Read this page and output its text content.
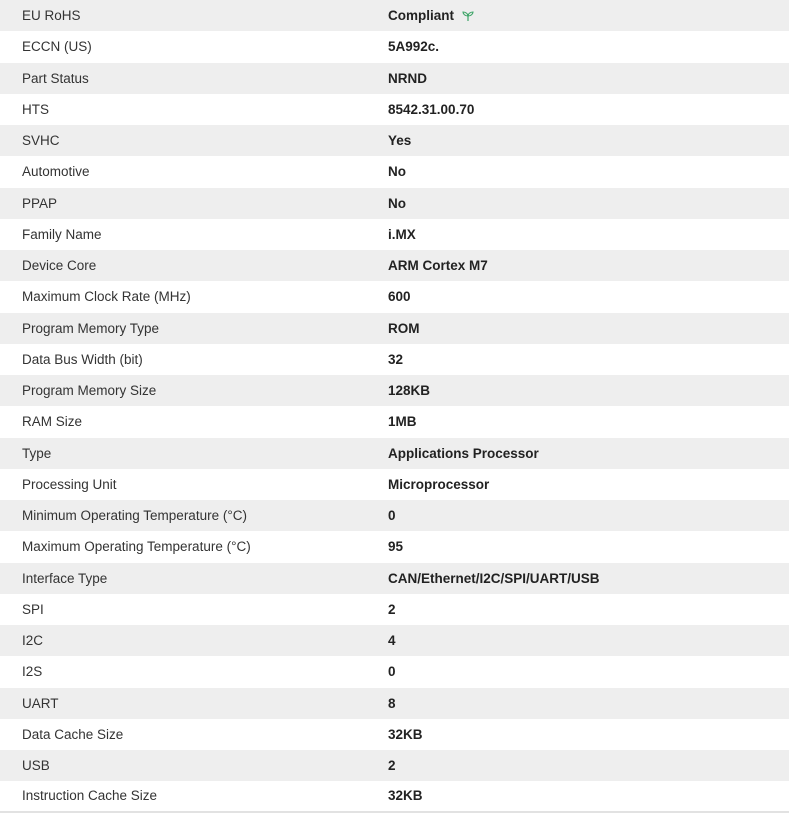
EU RoHS	Compliant
ECCN (US)	5A992c.
Part Status	NRND
HTS	8542.31.00.70
SVHC	Yes
Automotive	No
PPAP	No
Family Name	i.MX
Device Core	ARM Cortex M7
Maximum Clock Rate (MHz)	600
Program Memory Type	ROM
Data Bus Width (bit)	32
Program Memory Size	128KB
RAM Size	1MB
Type	Applications Processor
Processing Unit	Microprocessor
Minimum Operating Temperature (°C)	0
Maximum Operating Temperature (°C)	95
Interface Type	CAN/Ethernet/I2C/SPI/UART/USB
SPI	2
I2C	4
I2S	0
UART	8
Data Cache Size	32KB
USB	2
Instruction Cache Size	32KB
